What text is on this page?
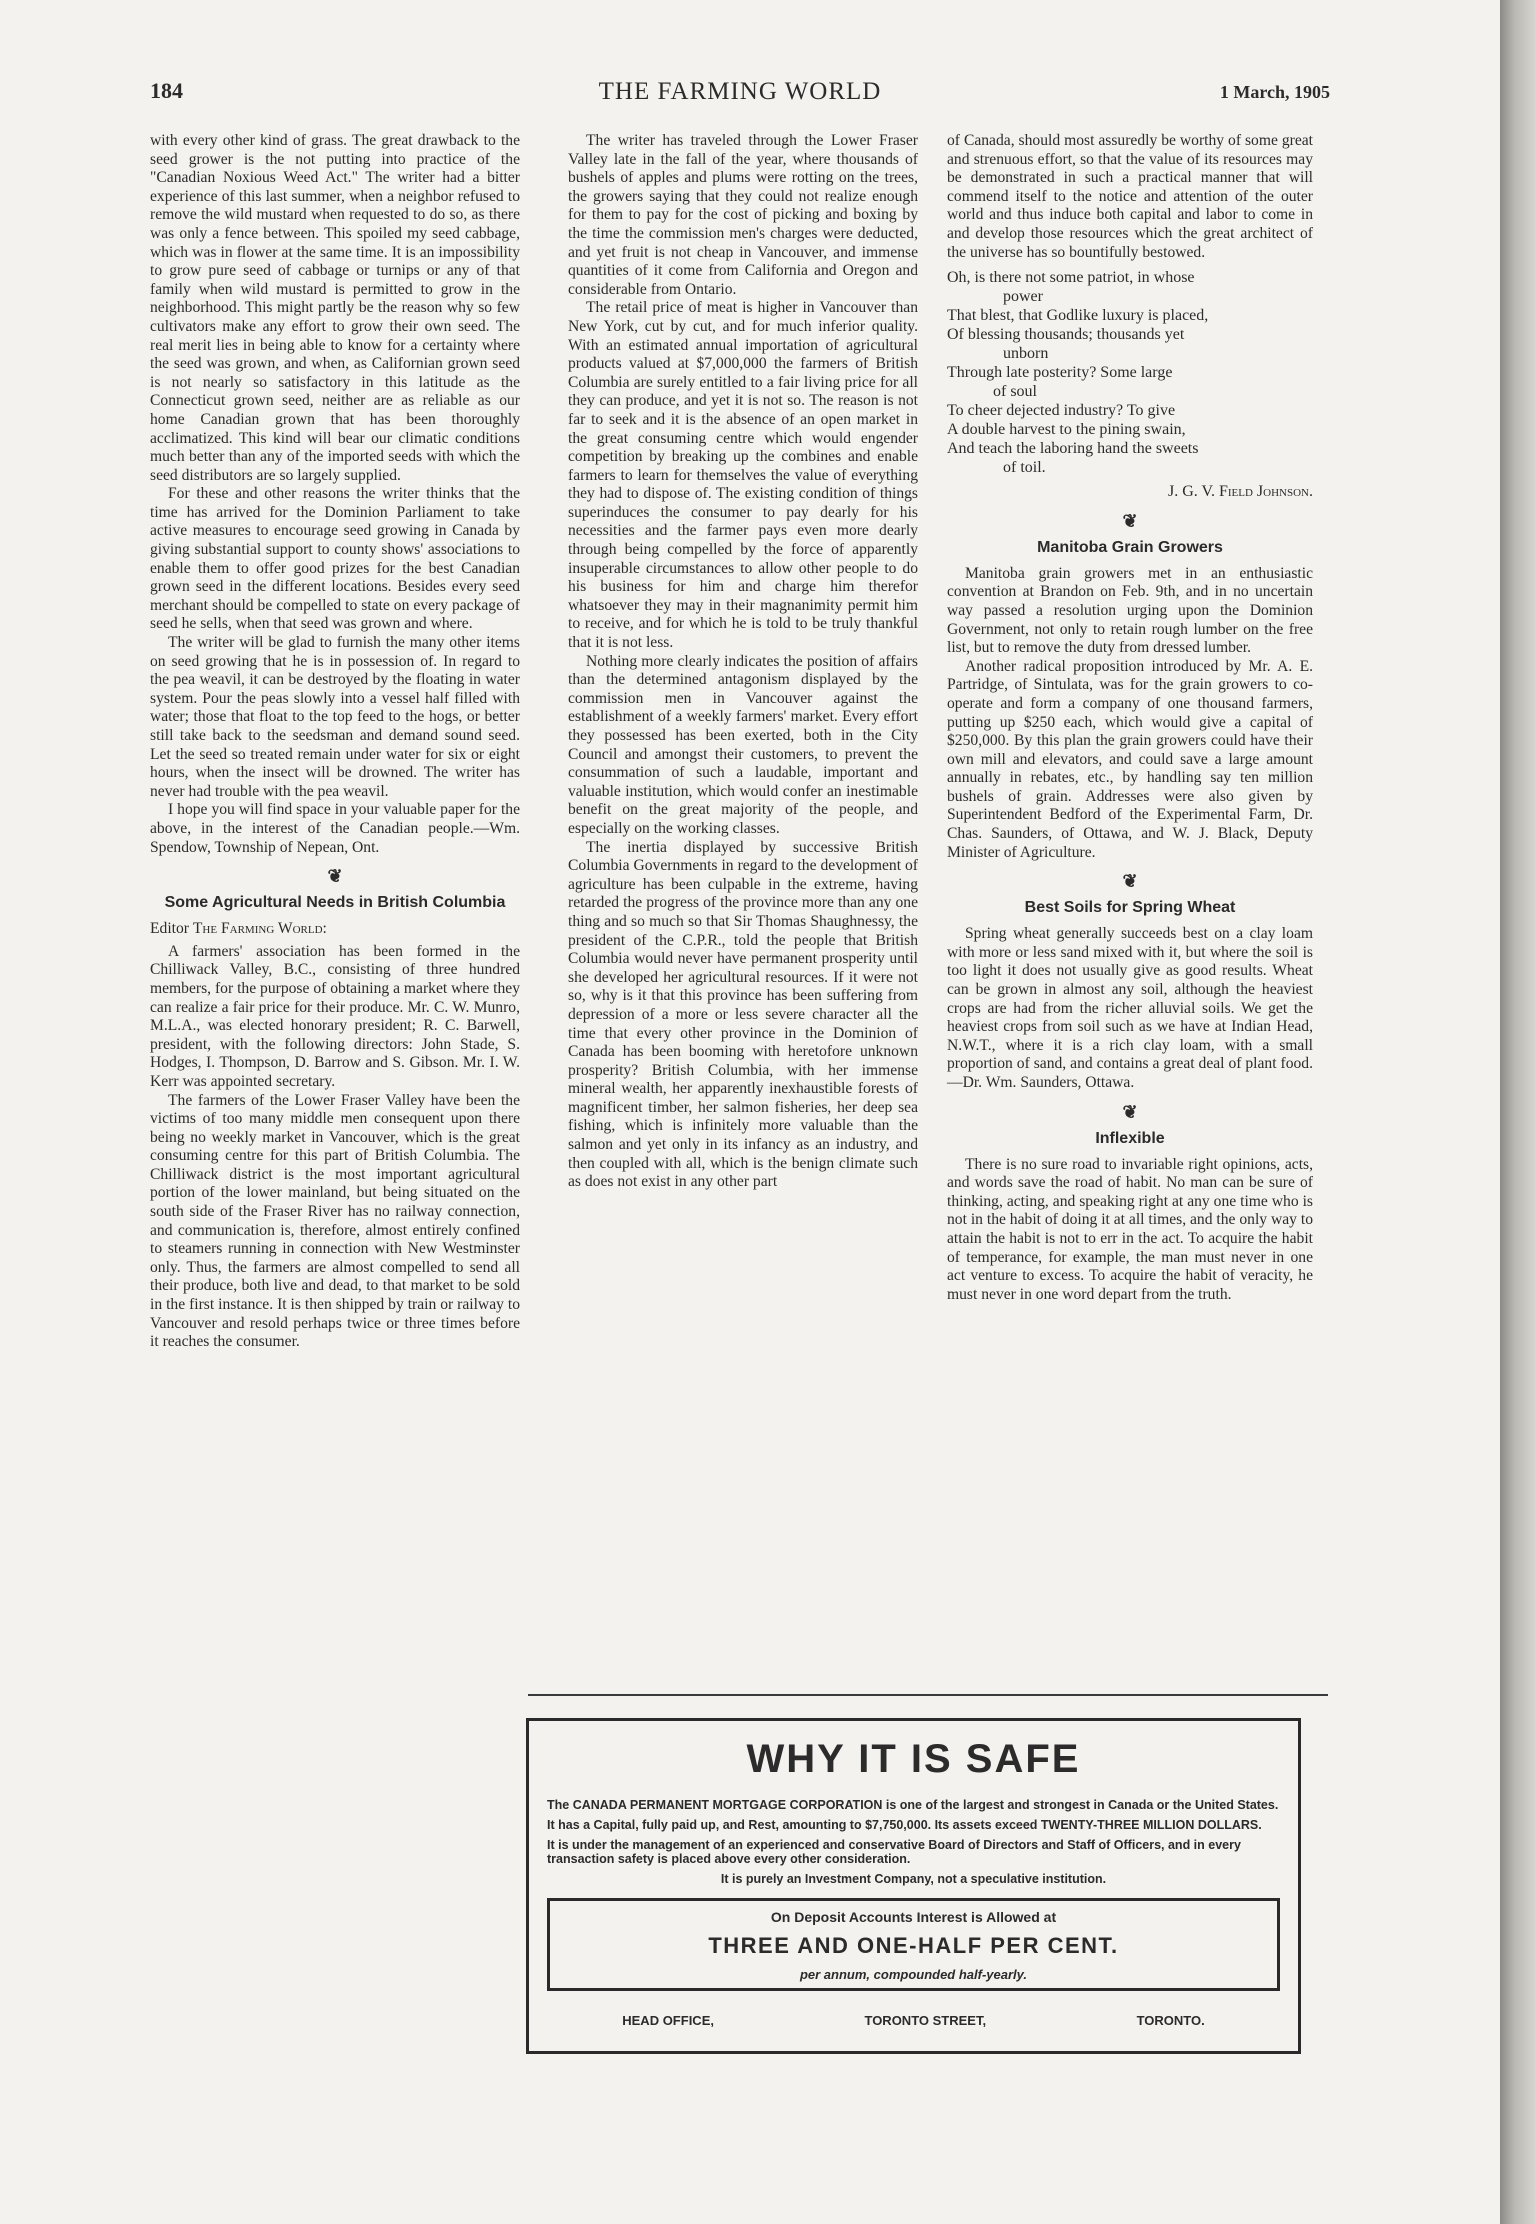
184	THE FARMING WORLD	1 March, 1905

with every other kind of grass. The great drawback to the seed grower is the not putting into practice of the "Canadian Noxious Weed Act." The writer had a bitter experience of this last summer, when a neighbor refused to remove the wild mustard when requested to do so, as there was only a fence between. This spoiled my seed cabbage, which was in flower at the same time. It is an impossibility to grow pure seed of cabbage or turnips or any of that family when wild mustard is permitted to grow in the neighborhood. This might partly be the reason why so few cultivators make any effort to grow their own seed. The real merit lies in being able to know for a certainty where the seed was grown, and when, as Californian grown seed is not nearly so satisfactory in this latitude as the Connecticut grown seed, neither are as reliable as our home Canadian grown that has been thoroughly acclimatized. This kind will bear our climatic conditions much better than any of the imported seeds with which the seed distributors are so largely supplied.

For these and other reasons the writer thinks that the time has arrived for the Dominion Parliament to take active measures to encourage seed growing in Canada by giving substantial support to county shows' associations to enable them to offer good prizes for the best Canadian grown seed in the different locations. Besides every seed merchant should be compelled to state on every package of seed he sells, when that seed was grown and where.

The writer will be glad to furnish the many other items on seed growing that he is in possession of. In regard to the pea weavil, it can be destroyed by the floating in water system. Pour the peas slowly into a vessel half filled with water; those that float to the top feed to the hogs, or better still take back to the seedsman and demand sound seed. Let the seed so treated remain under water for six or eight hours, when the insect will be drowned. The writer has never had trouble with the pea weavil.

I hope you will find space in your valuable paper for the above, in the interest of the Canadian people.—Wm. Spendow, Township of Nepean, Ont.

❦
Some Agricultural Needs in British Columbia

Editor The Farming World:

A farmers' association has been formed in the Chilliwack Valley, B.C., consisting of three hundred members, for the purpose of obtaining a market where they can realize a fair price for their produce. Mr. C. W. Munro, M.L.A., was elected honorary president; R. C. Barwell, president, with the following directors: John Stade, S. Hodges, I. Thompson, D. Barrow and S. Gibson. Mr. I. W. Kerr was appointed secretary.

The farmers of the Lower Fraser Valley have been the victims of too many middle men consequent upon there being no weekly market in Vancouver, which is the great consuming centre for this part of British Columbia. The Chilliwack district is the most important agricultural portion of the lower mainland, but being situated on the south side of the Fraser River has no railway connection, and communication is, therefore, almost entirely confined to steamers running in connection with New Westminster only. Thus, the farmers are almost compelled to send all their produce, both live and dead, to that market to be sold in the first instance. It is then shipped by train or railway to Vancouver and resold perhaps twice or three times before it reaches the consumer.

The writer has traveled through the Lower Fraser Valley late in the fall of the year, where thousands of bushels of apples and plums were rotting on the trees, the growers saying that they could not realize enough for them to pay for the cost of picking and boxing by the time the commission men's charges were deducted, and yet fruit is not cheap in Vancouver, and immense quantities of it come from California and Oregon and considerable from Ontario.

The retail price of meat is higher in Vancouver than New York, cut by cut, and for much inferior quality. With an estimated annual importation of agricultural products valued at $7,000,000 the farmers of British Columbia are surely entitled to a fair living price for all they can produce, and yet it is not so. The reason is not far to seek and it is the absence of an open market in the great consuming centre which would engender competition by breaking up the combines and enable farmers to learn for themselves the value of everything they had to dispose of. The existing condition of things superinduces the consumer to pay dearly for his necessities and the farmer pays even more dearly through being compelled by the force of apparently insuperable circumstances to allow other people to do his business for him and charge him therefor whatsoever they may in their magnanimity permit him to receive, and for which he is told to be truly thankful that it is not less.

Nothing more clearly indicates the position of affairs than the determined antagonism displayed by the commission men in Vancouver against the establishment of a weekly farmers' market. Every effort they possessed has been exerted, both in the City Council and amongst their customers, to prevent the consummation of such a laudable, important and valuable institution, which would confer an inestimable benefit on the great majority of the people, and especially on the working classes.

The inertia displayed by successive British Columbia Governments in regard to the development of agriculture has been culpable in the extreme, having retarded the progress of the province more than any one thing and so much so that Sir Thomas Shaughnessy, the president of the C.P.R., told the people that British Columbia would never have permanent prosperity until she developed her agricultural resources. If it were not so, why is it that this province has been suffering from depression of a more or less severe character all the time that every other province in the Dominion of Canada has been booming with heretofore unknown prosperity? British Columbia, with her immense mineral wealth, her apparently inexhaustible forests of magnificent timber, her salmon fisheries, her deep sea fishing, which is infinitely more valuable than the salmon and yet only in its infancy as an industry, and then coupled with all, which is the benign climate such as does not exist in any other part

of Canada, should most assuredly be worthy of some great and strenuous effort, so that the value of its resources may be demonstrated in such a practical manner that will commend itself to the notice and attention of the outer world and thus induce both capital and labor to come in and develop those resources which the great architect of the universe has so bountifully bestowed.

Oh, is there not some patriot, in whose
power
That blest, that Godlike luxury is placed,
Of blessing thousands; thousands yet
unborn
Through late posterity? Some large
of soul
To cheer dejected industry? To give
A double harvest to the pining swain,
And teach the laboring hand the sweets
of toil.

J. G. V. Field Johnson.

❦
Manitoba Grain Growers

Manitoba grain growers met in an enthusiastic convention at Brandon on Feb. 9th, and in no uncertain way passed a resolution urging upon the Dominion Government, not only to retain rough lumber on the free list, but to remove the duty from dressed lumber.

Another radical proposition introduced by Mr. A. E. Partridge, of Sintulata, was for the grain growers to co-operate and form a company of one thousand farmers, putting up $250 each, which would give a capital of $250,000. By this plan the grain growers could have their own mill and elevators, and could save a large amount annually in rebates, etc., by handling say ten million bushels of grain. Addresses were also given by Superintendent Bedford of the Experimental Farm, Dr. Chas. Saunders, of Ottawa, and W. J. Black, Deputy Minister of Agriculture.

❦
Best Soils for Spring Wheat

Spring wheat generally succeeds best on a clay loam with more or less sand mixed with it, but where the soil is too light it does not usually give as good results. Wheat can be grown in almost any soil, although the heaviest crops are had from the richer alluvial soils. We get the heaviest crops from soil such as we have at Indian Head, N.W.T., where it is a rich clay loam, with a small proportion of sand, and contains a great deal of plant food.—Dr. Wm. Saunders, Ottawa.

❦
Inflexible

There is no sure road to invariable right opinions, acts, and words save the road of habit. No man can be sure of thinking, acting, and speaking right at any one time who is not in the habit of doing it at all times, and the only way to attain the habit is not to err in the act. To acquire the habit of temperance, for example, the man must never in one act venture to excess. To acquire the habit of veracity, he must never in one word depart from the truth.

WHY IT IS SAFE

The CANADA PERMANENT MORTGAGE CORPORATION is one of the largest and strongest in Canada or the United States.

It has a Capital, fully paid up, and Rest, amounting to $7,750,000. Its assets exceed TWENTY-THREE MILLION DOLLARS.

It is under the management of an experienced and conservative Board of Directors and Staff of Officers, and in every transaction safety is placed above every other consideration.

It is purely an Investment Company, not a speculative institution.

On Deposit Accounts Interest is Allowed at
THREE AND ONE-HALF PER CENT.
per annum, compounded half-yearly.
HEAD OFFICE,	TORONTO STREET,	TORONTO.
